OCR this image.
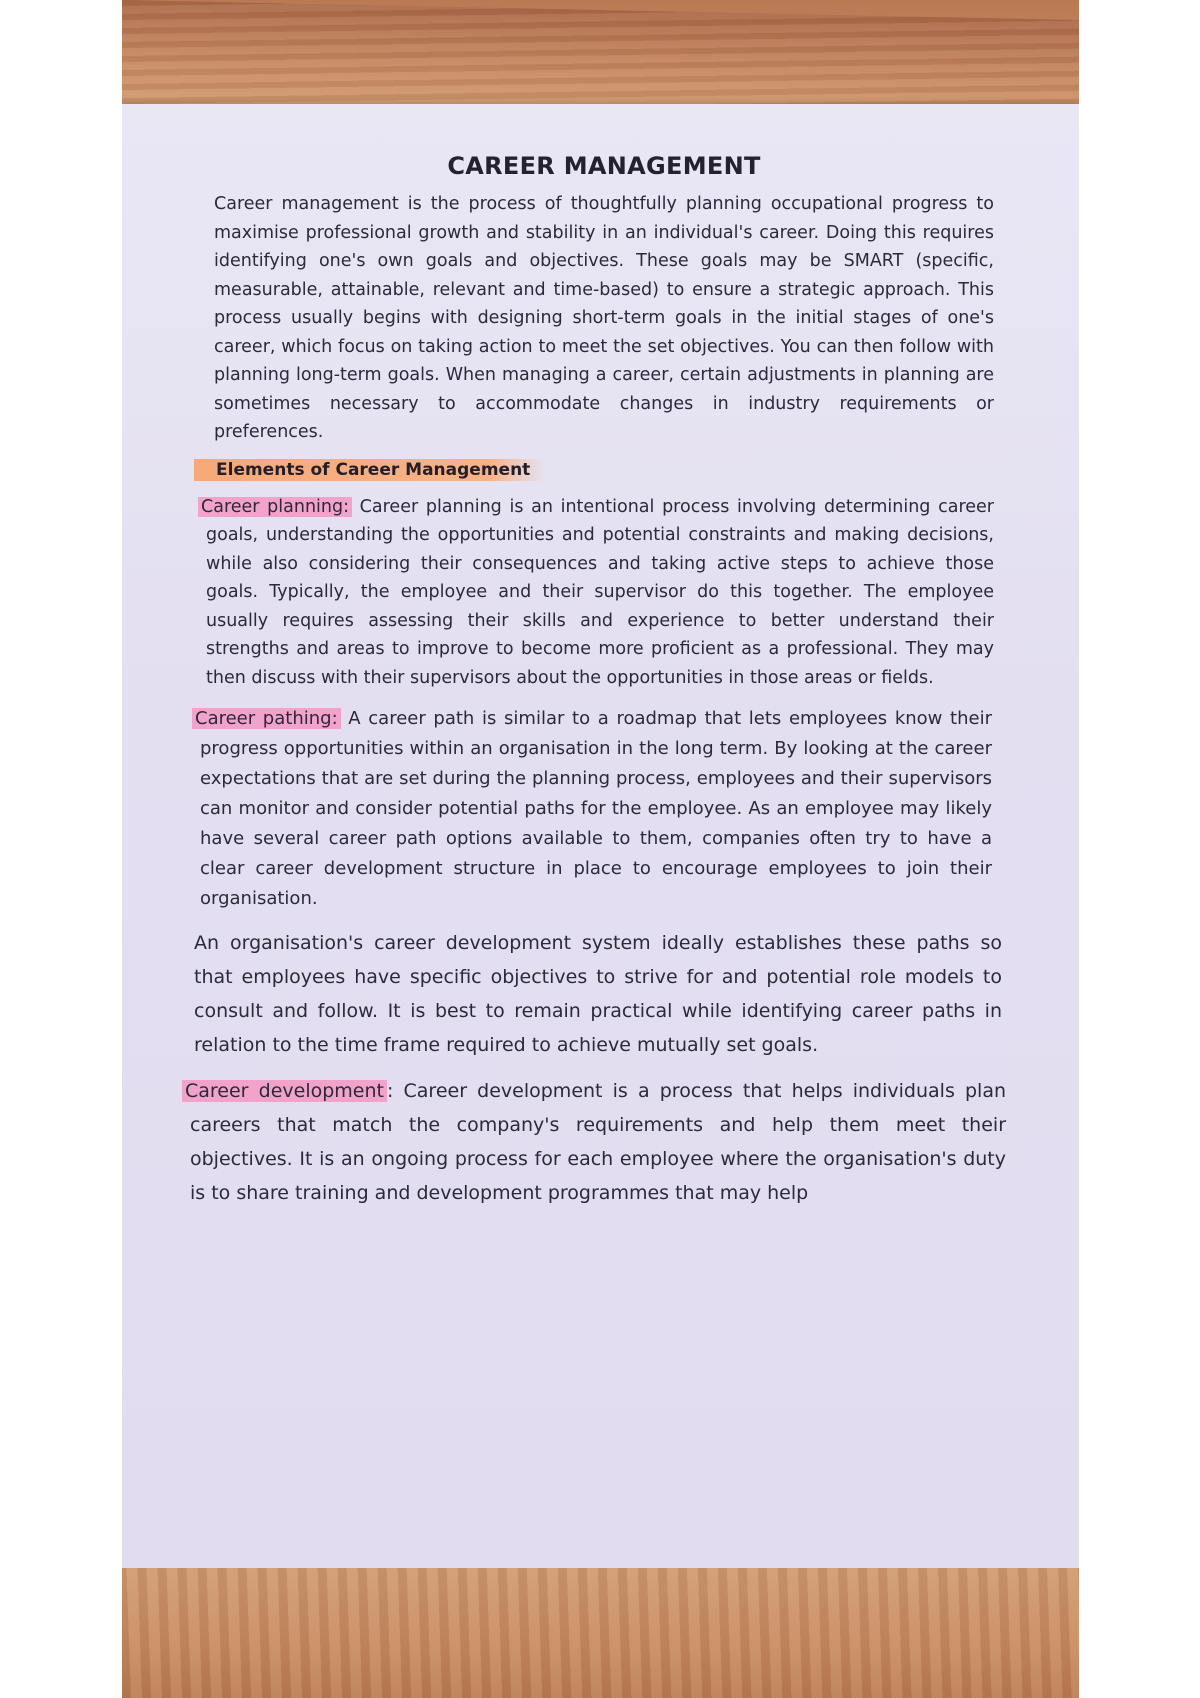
CAREER MANAGEMENT

Career management is the process of thoughtfully planning occupational progress to maximise professional growth and stability in an individual's career. Doing this requires identifying one's own goals and objectives. These goals may be SMART (specific, measurable, attainable, relevant and time-based) to ensure a strategic approach. This process usually begins with designing short-term goals in the initial stages of one's career, which focus on taking action to meet the set objectives. You can then follow with planning long-term goals. When managing a career, certain adjustments in planning are sometimes necessary to accommodate changes in industry requirements or preferences.

Elements of Career Management

Career planning: Career planning is an intentional process involving determining career goals, understanding the opportunities and potential constraints and making decisions, while also considering their consequences and taking active steps to achieve those goals. Typically, the employee and their supervisor do this together. The employee usually requires assessing their skills and experience to better understand their strengths and areas to improve to become more proficient as a professional. They may then discuss with their supervisors about the opportunities in those areas or fields.

Career pathing: A career path is similar to a roadmap that lets employees know their progress opportunities within an organisation in the long term. By looking at the career expectations that are set during the planning process, employees and their supervisors can monitor and consider potential paths for the employee. As an employee may likely have several career path options available to them, companies often try to have a clear career development structure in place to encourage employees to join their organisation.

An organisation's career development system ideally establishes these paths so that employees have specific objectives to strive for and potential role models to consult and follow. It is best to remain practical while identifying career paths in relation to the time frame required to achieve mutually set goals.

Career development : Career development is a process that helps individuals plan careers that match the company's requirements and help them meet their objectives. It is an ongoing process for each employee where the organisation's duty is to share training and development programmes that may help
